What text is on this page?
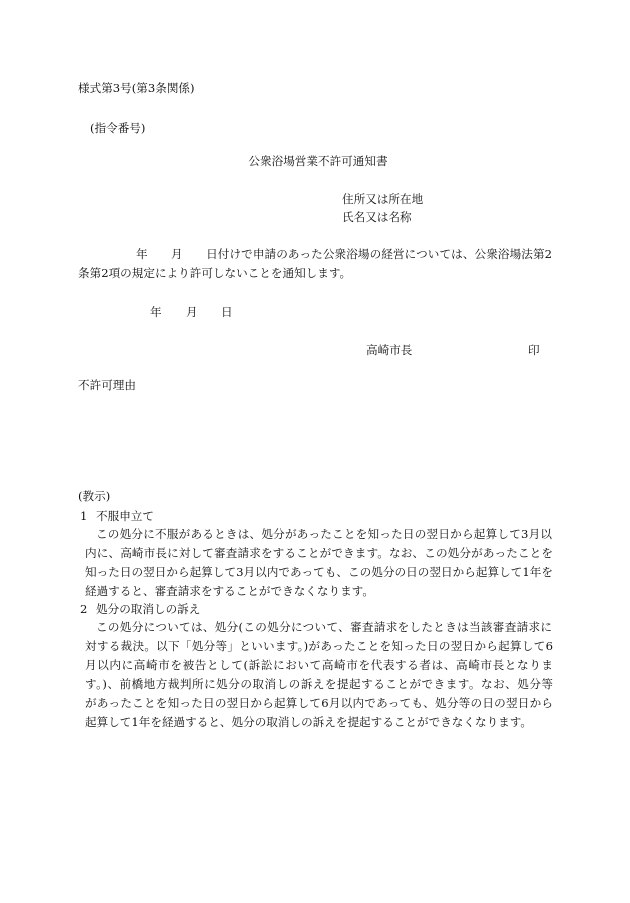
様式第3号(第3条関係)
(指令番号)
公衆浴場営業不許可通知書
住所又は所在地
氏名又は名称
年　　月　　日付けで申請のあった公衆浴場の経営については、公衆浴場法第2
条第2項の規定により許可しないことを通知します。
年 月 日
高崎市長	印
不許可理由
(教示)
1 不服申立て
この処分に不服があるときは、処分があったことを知った日の翌日から起算して3月以
内に、高崎市長に対して審査請求をすることができます。なお、この処分があったことを
知った日の翌日から起算して3月以内であっても、この処分の日の翌日から起算して1年を
経過すると、審査請求をすることができなくなります。
2 処分の取消しの訴え
この処分については、処分(この処分について、審査請求をしたときは当該審査請求に
対する裁決。以下「処分等」といいます。)があったことを知った日の翌日から起算して6
月以内に高崎市を被告として(訴訟において高崎市を代表する者は、高崎市長となりま
す。)、前橋地方裁判所に処分の取消しの訴えを提起することができます。なお、処分等
があったことを知った日の翌日から起算して6月以内であっても、処分等の日の翌日から
起算して1年を経過すると、処分の取消しの訴えを提起することができなくなります。
